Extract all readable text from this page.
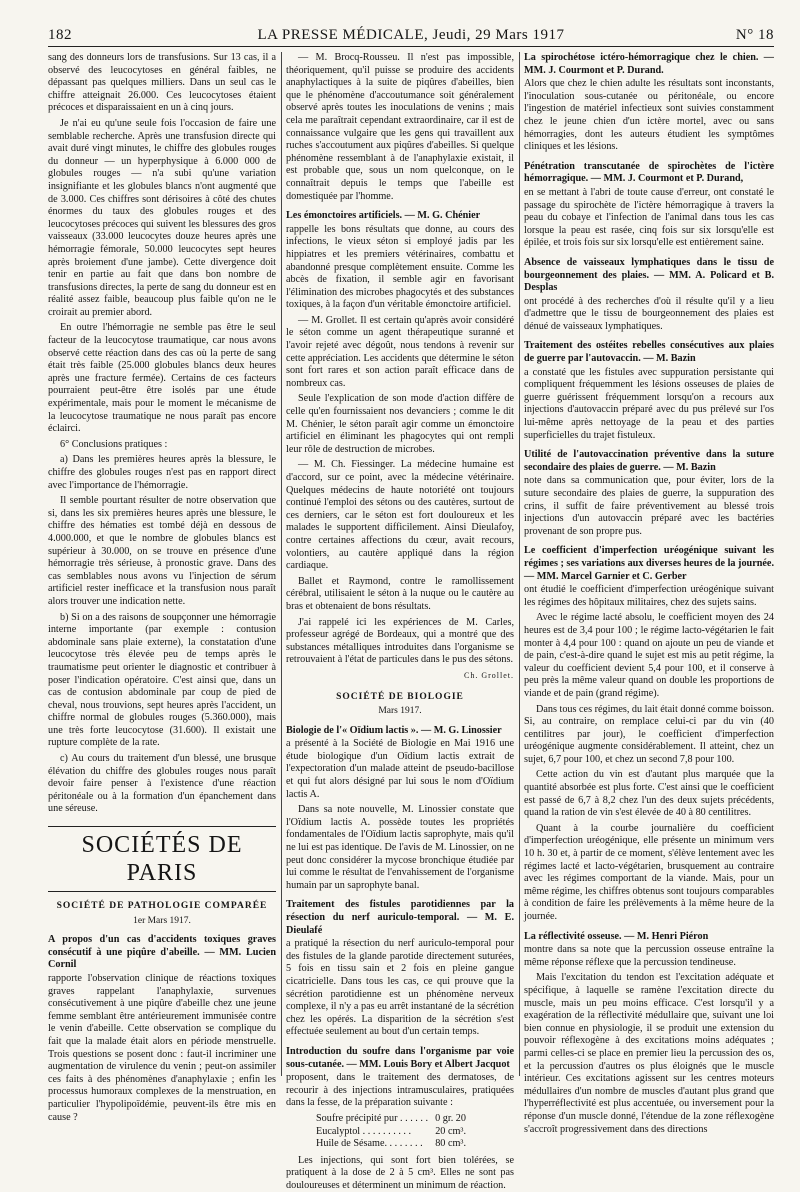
182	LA PRESSE MÉDICALE, Jeudi, 29 Mars 1917	N° 18

sang des donneurs lors de transfusions. Sur 13 cas, il a observé des leucocytoses en général faibles, ne dépassant pas quelques milliers. Dans un seul cas le chiffre atteignait 26.000. Ces leucocytoses étaient précoces et disparaissaient en un à cinq jours.

Je n'ai eu qu'une seule fois l'occasion de faire une semblable recherche. Après une transfusion directe qui avait duré vingt minutes, le chiffre des globules rouges du donneur — un hyperphysique à 6.000 000 de globules rouges — n'a subi qu'une variation insignifiante et les globules blancs n'ont augmenté que de 3.000. Ces chiffres sont dérisoires à côté des chutes énormes du taux des globules rouges et des leucocytoses précoces qui suivent les blessures des gros vaisseaux (33.000 leucocytes douze heures après une hémorragie fémorale, 50.000 leucocytes sept heures après broiement d'une jambe). Cette divergence doit tenir en partie au fait que dans bon nombre de transfusions directes, la perte de sang du donneur est en réalité assez faible, beaucoup plus faible qu'on ne le croirait au premier abord.

En outre l'hémorragie ne semble pas être le seul facteur de la leucocytose traumatique, car nous avons observé cette réaction dans des cas où la perte de sang était très faible (25.000 globules blancs deux heures après une fracture fermée). Certains de ces facteurs pourraient peut-être être isolés par une étude expérimentale, mais pour le moment le mécanisme de la leucocytose traumatique ne nous paraît pas encore éclairci.

6° Conclusions pratiques :

a) Dans les premières heures après la blessure, le chiffre des globules rouges n'est pas en rapport direct avec l'importance de l'hémorragie.

Il semble pourtant résulter de notre observation que si, dans les six premières heures après une blessure, le chiffre des hématies est tombé déjà en dessous de 4.000.000, et que le nombre de globules blancs est supérieur à 30.000, on se trouve en présence d'une hémorragie très sérieuse, à pronostic grave. Dans des cas semblables nous avons vu l'injection de sérum artificiel rester inefficace et la transfusion nous paraît alors trouver une indication nette.

b) Si on a des raisons de soupçonner une hémorragie interne importante (par exemple : contusion abdominale sans plaie externe), la constatation d'une leucocytose très élevée peu de temps après le traumatisme peut orienter le diagnostic et contribuer à poser l'indication opératoire. C'est ainsi que, dans un cas de contusion abdominale par coup de pied de cheval, nous trouvions, sept heures après l'accident, un chiffre normal de globules rouges (5.360.000), mais une très forte leucocytose (31.600). Il existait une rupture complète de la rate.

c) Au cours du traitement d'un blessé, une brusque élévation du chiffre des globules rouges nous paraît devoir faire penser à l'existence d'une réaction péritonéale ou à la formation d'un épanchement dans une séreuse.

SOCIÉTÉS DE PARIS
SOCIÉTÉ DE PATHOLOGIE COMPARÉE
1er Mars 1917.
A propos d'un cas d'accidents toxiques graves consécutif à une piqûre d'abeille. — MM. Lucien Cornil

rapporte l'observation clinique de réactions toxiques graves rappelant l'anaphylaxie, survenues consécutivement à une piqûre d'abeille chez une jeune femme semblant être antérieurement immunisée contre le venin d'abeille. Cette observation se complique du fait que la malade était alors en période menstruelle. Trois questions se posent donc : faut-il incriminer une augmentation de virulence du venin ; peut-on assimiler ces faits à des phénomènes d'anaphylaxie ; enfin les processus humoraux complexes de la menstruation, en particulier l'hypolipoïdémie, peuvent-ils être mis en cause ?

— M. Brocq-Rousseu. Il n'est pas impossible, théoriquement, qu'il puisse se produire des accidents anaphylactiques à la suite de piqûres d'abeilles, bien que le phénomène d'accoutumance soit généralement observé après toutes les inoculations de venins ; mais cela me paraîtrait cependant extraordinaire, car il est de connaissance vulgaire que les gens qui travaillent aux ruches s'accoutument aux piqûres d'abeilles. Si quelque phénomène ressemblant à de l'anaphylaxie existait, il est probable que, sous un nom quelconque, on le connaîtrait depuis le temps que l'abeille est domestiquée par l'homme.

Les émonctoires artificiels. — M. G. Chénier

rappelle les bons résultats que donne, au cours des infections, le vieux séton si employé jadis par les hippiatres et les premiers vétérinaires, combattu et abandonné presque complètement ensuite. Comme les abcès de fixation, il semble agir en favorisant l'élimination des microbes phagocytés et des substances toxiques, à la façon d'un véritable émonctoire artificiel.

— M. Grollet. Il est certain qu'après avoir considéré le séton comme un agent thérapeutique suranné et l'avoir rejeté avec dégoût, nous tendons à revenir sur cette appréciation. Les accidents que détermine le séton sont fort rares et son action paraît efficace dans de nombreux cas.

Seule l'explication de son mode d'action diffère de celle qu'en fournissaient nos devanciers ; comme le dit M. Chénier, le séton paraît agir comme un émonctoire artificiel en éliminant les phagocytes qui ont rempli leur rôle de destruction de microbes.

— M. Ch. Fiessinger. La médecine humaine est d'accord, sur ce point, avec la médecine vétérinaire. Quelques médecins de haute notoriété ont toujours continué l'emploi des sétons ou des cautères, surtout de ces derniers, car le séton est fort douloureux et les malades le supportent difficilement. Ainsi Dieulafoy, contre certaines affections du cœur, avait recours, volontiers, au cautère appliqué dans la région cardiaque.

Ballet et Raymond, contre le ramollissement cérébral, utilisaient le séton à la nuque ou le cautère au bras et obtenaient de bons résultats.

J'ai rappelé ici les expériences de M. Carles, professeur agrégé de Bordeaux, qui a montré que des substances métalliques introduites dans l'organisme se retrouvaient à l'état de particules dans le pus des sétons.

Ch. Grollet.

SOCIÉTÉ DE BIOLOGIE
Mars 1917.
Biologie de l'« Oïdium lactis ». — M. G. Linossier

a présenté à la Société de Biologie en Mai 1916 une étude biologique d'un Oïdium lactis extrait de l'expectoration d'un malade atteint de pseudo-bacillose et qui fut alors désigné par lui sous le nom d'Oïdium lactis A.

Dans sa note nouvelle, M. Linossier constate que l'Oïdium lactis A. possède toutes les propriétés fondamentales de l'Oïdium lactis saprophyte, mais qu'il ne lui est pas identique. De l'avis de M. Linossier, on ne peut donc considérer la mycose bronchique étudiée par lui comme le résultat de l'envahissement de l'organisme humain par un saprophyte banal.

Traitement des fistules parotidiennes par la résection du nerf auriculo-temporal. — M. E. Dieulafé

a pratiqué la résection du nerf auriculo-temporal pour des fistules de la glande parotide directement suturées, 5 fois en tissu sain et 2 fois en pleine gangue cicatricielle. Dans tous les cas, ce qui prouve que la sécrétion parotidienne est un phénomène nerveux complexe, il n'y a pas eu arrêt instantané de la sécrétion chez les opérés. La disparition de la sécrétion s'est effectuée seulement au bout d'un certain temps.

Introduction du soufre dans l'organisme par voie sous-cutanée. — MM. Louis Bory et Albert Jacquot

proposent, dans le traitement des dermatoses, de recourir à des injections intramusculaires, pratiquées dans la fesse, de la préparation suivante :

Soufre précipité pur . . . . . . 0 gr. 20
Eucalyptol . . . . . . . . . . 20 cm³.
Huile de Sésame. . . . . . . . 80 cm³.

Les injections, qui sont fort bien tolérées, se pratiquent à la dose de 2 à 5 cm³. Elles ne sont pas douloureuses et déterminent un minimum de réaction.

La spirochétose ictéro-hémorragique chez le chien. — MM. J. Courmont et P. Durand.

Alors que chez le chien adulte les résultats sont inconstants, l'inoculation sous-cutanée ou péritonéale, ou encore l'ingestion de matériel infectieux sont suivies constamment chez le jeune chien d'un ictère mortel, avec ou sans hémorragies, dont les auteurs étudient les symptômes cliniques et les lésions.

Pénétration transcutanée de spirochètes de l'ictère hémorragique. — MM. J. Courmont et P. Durand,

en se mettant à l'abri de toute cause d'erreur, ont constaté le passage du spirochète de l'ictère hémorragique à travers la peau du cobaye et l'infection de l'animal dans tous les cas lorsque la peau est rasée, cinq fois sur six lorsqu'elle est épilée, et trois fois sur six lorsqu'elle est entièrement saine.

Absence de vaisseaux lymphatiques dans le tissu de bourgeonnement des plaies. — MM. A. Policard et B. Desplas

ont procédé à des recherches d'où il résulte qu'il y a lieu d'admettre que le tissu de bourgeonnement des plaies est dénué de vaisseaux lymphatiques.

Traitement des ostéites rebelles consécutives aux plaies de guerre par l'autovaccin. — M. Bazin

a constaté que les fistules avec suppuration persistante qui compliquent fréquemment les lésions osseuses de plaies de guerre guérissent fréquemment lorsqu'on a recours aux injections d'autovaccin préparé avec du pus prélevé sur l'os lui-même après nettoyage de la peau et des parties superficielles du trajet fistuleux.

Utilité de l'autovaccination préventive dans la suture secondaire des plaies de guerre. — M. Bazin

note dans sa communication que, pour éviter, lors de la suture secondaire des plaies de guerre, la suppuration des crins, il suffit de faire préventivement au blessé trois injections d'un autovaccin préparé avec les bactéries provenant de son propre pus.

Le coefficient d'imperfection uréogénique suivant les régimes ; ses variations aux diverses heures de la journée. — MM. Marcel Garnier et C. Gerber

ont étudié le coefficient d'imperfection uréogénique suivant les régimes des hôpitaux militaires, chez des sujets sains.

Avec le régime lacté absolu, le coefficient moyen des 24 heures est de 3,4 pour 100 ; le régime lacto-végétarien le fait monter à 4,4 pour 100 : quand on ajoute un peu de viande et de pain, c'est-à-dire quand le sujet est mis au petit régime, la valeur du coefficient devient 5,4 pour 100, et il conserve à peu près la même valeur quand on double les proportions de viande et de pain (grand régime).

Dans tous ces régimes, du lait était donné comme boisson. Si, au contraire, on remplace celui-ci par du vin (40 centilitres par jour), le coefficient d'imperfection uréogénique augmente considérablement. Il atteint, chez un sujet, 6,7 pour 100, et chez un second 7,8 pour 100.

Cette action du vin est d'autant plus marquée que la quantité absorbée est plus forte. C'est ainsi que le coefficient est passé de 6,7 à 8,2 chez l'un des deux sujets précédents, quand la ration de vin s'est élevée de 40 à 80 centilitres.

Quant à la courbe journalière du coefficient d'imperfection uréogénique, elle présente un minimum vers 10 h. 30 et, à partir de ce moment, s'élève lentement avec les régimes lacté et lacto-végétarien, brusquement au contraire avec les régimes comportant de la viande. Mais, pour un même régime, les chiffres obtenus sont toujours comparables à condition de faire les prélèvements à la même heure de la journée.

La réflectivité osseuse. — M. Henri Piéron

montre dans sa note que la percussion osseuse entraîne la même réponse réflexe que la percussion tendineuse.

Mais l'excitation du tendon est l'excitation adéquate et spécifique, à laquelle se ramène l'excitation directe du muscle, mais un peu moins efficace. C'est lorsqu'il y a exagération de la réflectivité médullaire que, suivant une loi bien connue en physiologie, il se produit une extension du pouvoir réflexogène à des excitations moins adéquates ; parmi celles-ci se place en premier lieu la percussion des os, et la percussion d'autres os plus éloignés que le muscle intérieur. Ces excitations agissent sur les centres moteurs médullaires d'un nombre de muscles d'autant plus grand que l'hyperréflectivité est plus accentuée, ou inversement pour la réponse d'un muscle donné, l'étendue de la zone réflexogène s'accroît progressivement dans des directions
